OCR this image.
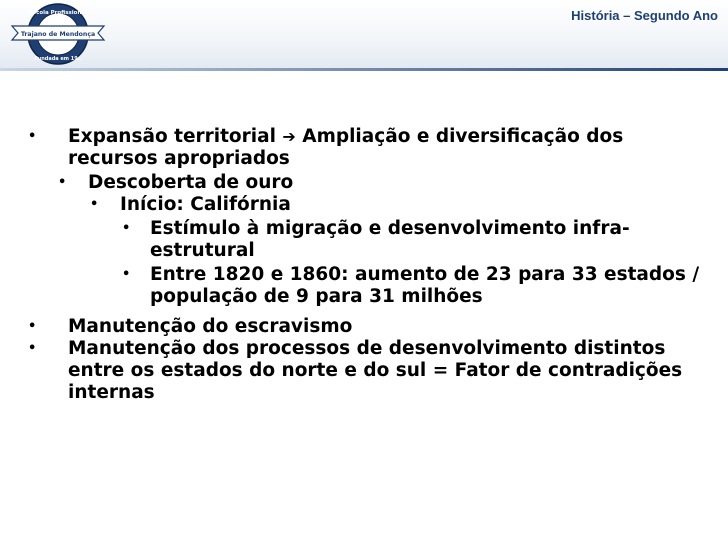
Escola Profissional
Fundada em 19..
Trajano de Mendonça
História – Segundo Ano
• Expansão territorial ➔ Ampliação e diversificação dos recursos apropriados
• Descoberta de ouro
• Início: Califórnia
• Estímulo à migração e desenvolvimento infra-estrutural
• Entre 1820 e 1860: aumento de 23 para 33 estados / população de 9 para 31 milhões
• Manutenção do escravismo
• Manutenção dos processos de desenvolvimento distintos entre os estados do norte e do sul = Fator de contradições internas
